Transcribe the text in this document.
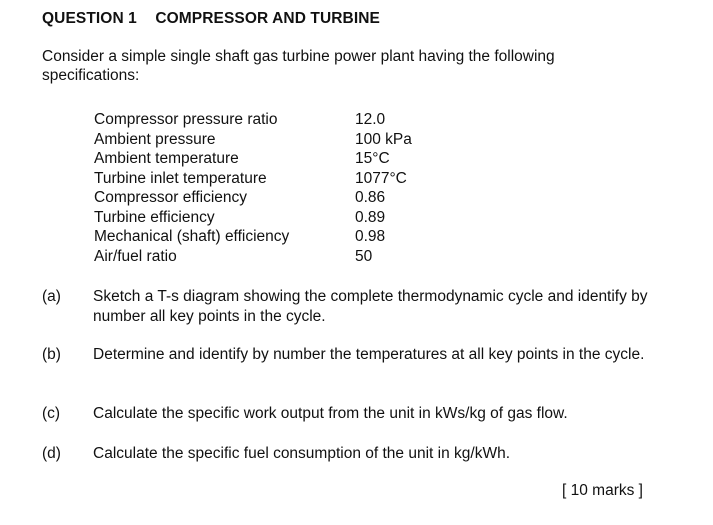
QUESTION 1 COMPRESSOR AND TURBINE
Consider a simple single shaft gas turbine power plant having the following specifications:
Compressor pressure ratio	12.0
Ambient pressure	100 kPa
Ambient temperature	15°C
Turbine inlet temperature	1077°C
Compressor efficiency	0.86
Turbine efficiency	0.89
Mechanical (shaft) efficiency	0.98
Air/fuel ratio	50
(a) Sketch a T-s diagram showing the complete thermodynamic cycle and identify by number all key points in the cycle.
(b) Determine and identify by number the temperatures at all key points in the cycle.
(c) Calculate the specific work output from the unit in kWs/kg of gas flow.
(d) Calculate the specific fuel consumption of the unit in kg/kWh.
[ 10 marks ]
